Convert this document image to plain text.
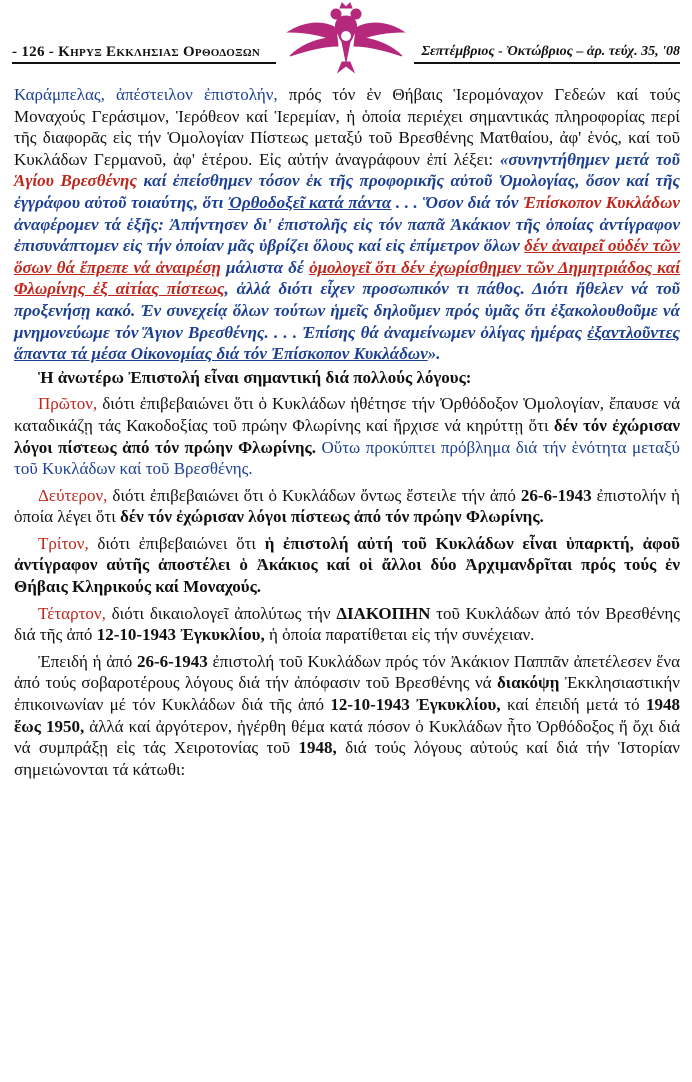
- 126 - Κηρυξ Εκκλησιας Ορθοδοξων	Σεπτέμβριος - Ὀκτώβριος – ἀρ. τεύχ. 35, '08

Καράμπελας, ἀπέστειλον ἐπιστολήν, πρός τόν ἐν Θήβαις Ἱερομόναχον Γεδεών καί τούς Μοναχούς Γεράσιμον, Ἱερόθεον καί Ἱερεμίαν, ἡ ὁποία περιέχει σημαντικάς πληροφορίας περί τῆς διαφορᾶς εἰς τήν Ὁμολογίαν Πίστεως μεταξύ τοῦ Βρεσθένης Ματθαίου, ἀφ' ἑνός, καί τοῦ Κυκλάδων Γερμανοῦ, ἀφ' ἑτέρου. Εἰς αὐτήν ἀναγράφουν ἐπί λέξει: «συνηντήθημεν μετά τοῦ Ἁγίου Βρεσθένης καί ἐπείσθημεν τόσον ἐκ τῆς προφορικῆς αὐτοῦ Ὁμολογίας, ὅσον καί τῆς ἐγγράφου αὐτοῦ τοιαύτης, ὅτι Ὀρθοδοξεῖ κατά πάντα . . . Ὅσον διά τόν Ἐπίσκοπον Κυκλάδων ἀναφέρομεν τά ἑξῆς: Ἀπήντησεν δι' ἐπιστολῆς εἰς τόν παπᾶ Ἀκάκιον τῆς ὁποίας ἀντίγραφον ἐπισυνάπτομεν εἰς τήν ὁποίαν μᾶς ὑβρίζει ὅλους καί εἰς ἐπίμετρον ὅλων δέν ἀναιρεῖ οὐδέν τῶν ὅσων θά ἔπρεπε νά ἀναιρέσῃ μάλιστα δέ ὁμολογεῖ ὅτι δέν ἐχωρίσθημεν τῶν Δημητριάδος καί Φλωρίνης ἐξ αἰτίας πίστεως, ἀλλά διότι εἶχεν προσωπικόν τι πάθος. Διότι ἤθελεν νά τοῦ προξενήσῃ κακό. Ἐν συνεχείᾳ ὅλων τούτων ἡμεῖς δηλοῦμεν πρός ὑμᾶς ὅτι ἐξακολουθοῦμε νά μνημονεύωμε τόν Ἅγιον Βρεσθένης. . . . Ἐπίσης θά ἀναμείνωμεν ὀλίγας ἡμέρας ἐξαντλοῦντες ἅπαντα τά μέσα Οἰκονομίας διά τόν Ἐπίσκοπον Κυκλάδων».

Ἡ ἀνωτέρω Ἐπιστολή εἶναι σημαντική διά πολλούς λόγους:

Πρῶτον, διότι ἐπιβεβαιώνει ὅτι ὁ Κυκλάδων ἠθέτησε τήν Ὀρθόδοξον Ὁμολογίαν, ἔπαυσε νά καταδικάζῃ τάς Κακοδοξίας τοῦ πρώην Φλωρίνης καί ἤρχισε νά κηρύττῃ ὅτι δέν τόν ἐχώρισαν λόγοι πίστεως ἀπό τόν πρώην Φλωρίνης. Οὕτω προκύπτει πρόβλημα διά τήν ἑνότητα μεταξύ τοῦ Κυκλάδων καί τοῦ Βρεσθένης.

Δεύτερον, διότι ἐπιβεβαιώνει ὅτι ὁ Κυκλάδων ὄντως ἔστειλε τήν ἀπό 26-6-1943 ἐπιστολήν ἡ ὁποία λέγει ὅτι δέν τόν ἐχώρισαν λόγοι πίστεως ἀπό τόν πρώην Φλωρίνης.

Τρίτον, διότι ἐπιβεβαιώνει ὅτι ἡ ἐπιστολή αὐτή τοῦ Κυκλάδων εἶναι ὑπαρκτή, ἀφοῦ ἀντίγραφον αὐτῆς ἀποστέλει ὁ Ἀκάκιος καί οἱ ἄλλοι δύο Ἀρχιμανδρῖται πρός τούς ἐν Θήβαις Κληρικούς καί Μοναχούς.

Τέταρτον, διότι δικαιολογεῖ ἀπολύτως τήν ΔΙΑΚΟΠΗΝ τοῦ Κυκλάδων ἀπό τόν Βρεσθένης διά τῆς ἀπό 12-10-1943 Ἐγκυκλίου, ἡ ὁποία παρατίθεται εἰς τήν συνέχειαν.

Ἐπειδή ἡ ἀπό 26-6-1943 ἐπιστολή τοῦ Κυκλάδων πρός τόν Ἀκάκιον Παππᾶν ἀπετέλεσεν ἕνα ἀπό τούς σοβαροτέρους λόγους διά τήν ἀπόφασιν τοῦ Βρεσθένης νά διακόψῃ Ἐκκλησιαστικήν ἐπικοινωνίαν μέ τόν Κυκλάδων διά τῆς ἀπό 12-10-1943 Ἐγκυκλίου, καί ἐπειδή μετά τό 1948 ἕως 1950, ἀλλά καί ἀργότερον, ἠγέρθη θέμα κατά πόσον ὁ Κυκλάδων ἦτο Ὀρθόδοξος ἤ ὄχι διά νά συμπράξῃ εἰς τάς Χειροτονίας τοῦ 1948, διά τούς λόγους αὐτούς καί διά τήν Ἱστορίαν σημειώνονται τά κάτωθι:
